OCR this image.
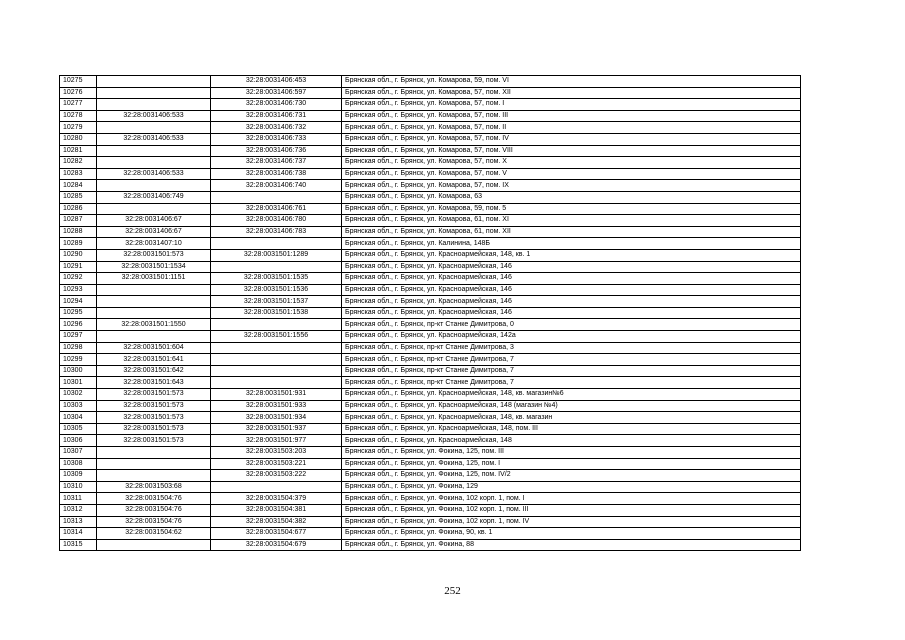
10275		32:28:0031406:453	Брянская обл., г. Брянск, ул. Комарова, 59, пом. VI
10276		32:28:0031406:597	Брянская обл., г. Брянск, ул. Комарова, 57, пом. XII
10277		32:28:0031406:730	Брянская обл., г. Брянск, ул. Комарова, 57, пом. I
10278	32:28:0031406:533	32:28:0031406:731	Брянская обл., г. Брянск, ул. Комарова, 57, пом. III
10279		32:28:0031406:732	Брянская обл., г. Брянск, ул. Комарова, 57, пом. II
10280	32:28:0031406:533	32:28:0031406:733	Брянская обл., г. Брянск, ул. Комарова, 57, пом. IV
10281		32:28:0031406:736	Брянская обл., г. Брянск, ул. Комарова, 57, пом. VIII
10282		32:28:0031406:737	Брянская обл., г. Брянск, ул. Комарова, 57, пом. X
10283	32:28:0031406:533	32:28:0031406:738	Брянская обл., г. Брянск, ул. Комарова, 57, пом. V
10284		32:28:0031406:740	Брянская обл., г. Брянск, ул. Комарова, 57, пом. IX
10285	32:28:0031406:749		Брянская обл., г. Брянск, ул. Комарова, 63
10286		32:28:0031406:761	Брянская обл., г. Брянск, ул. Комарова, 59, пом. 5
10287	32:28:0031406:67	32:28:0031406:780	Брянская обл., г. Брянск, ул. Комарова, 61, пом. XI
10288	32:28:0031406:67	32:28:0031406:783	Брянская обл., г. Брянск, ул. Комарова, 61, пом. XII
10289	32:28:0031407:10		Брянская обл., г. Брянск, ул. Калинина, 148Б
10290	32:28:0031501:573	32:28:0031501:1289	Брянская обл., г. Брянск, ул. Красноармейская, 148, кв. 1
10291	32:28:0031501:1534		Брянская обл., г. Брянск, ул. Красноармейская, 146
10292	32:28:0031501:1151	32:28:0031501:1535	Брянская обл., г. Брянск, ул. Красноармейская, 146
10293		32:28:0031501:1536	Брянская обл., г. Брянск, ул. Красноармейская, 146
10294		32:28:0031501:1537	Брянская обл., г. Брянск, ул. Красноармейская, 146
10295		32:28:0031501:1538	Брянская обл., г. Брянск, ул. Красноармейская, 146
10296	32:28:0031501:1550		Брянская обл., г. Брянск, пр-кт Станке Димитрова, 0
10297		32:28:0031501:1556	Брянская обл., г. Брянск, ул. Красноармейская, 142а
10298	32:28:0031501:604		Брянская обл., г. Брянск, пр-кт Станке Димитрова, 3
10299	32:28:0031501:641		Брянская обл., г. Брянск, пр-кт Станке Димитрова, 7
10300	32:28:0031501:642		Брянская обл., г. Брянск, пр-кт Станке Димитрова, 7
10301	32:28:0031501:643		Брянская обл., г. Брянск, пр-кт Станке Димитрова, 7
10302	32:28:0031501:573	32:28:0031501:931	Брянская обл., г. Брянск, ул. Красноармейская, 148, кв. магазин№6
10303	32:28:0031501:573	32:28:0031501:933	Брянская обл., г. Брянск, ул. Красноармейская, 148 (магазин №4)
10304	32:28:0031501:573	32:28:0031501:934	Брянская обл., г. Брянск, ул. Красноармейская, 148, кв. магазин
10305	32:28:0031501:573	32:28:0031501:937	Брянская обл., г. Брянск, ул. Красноармейская, 148, пом. III
10306	32:28:0031501:573	32:28:0031501:977	Брянская обл., г. Брянск, ул. Красноармейская, 148
10307		32:28:0031503:203	Брянская обл., г. Брянск, ул. Фокина, 125, пом. III
10308		32:28:0031503:221	Брянская обл., г. Брянск, ул. Фокина, 125, пом. I
10309		32:28:0031503:222	Брянская обл., г. Брянск, ул. Фокина, 125, пом. IV/2
10310	32:28:0031503:68		Брянская обл., г. Брянск, ул. Фокина, 129
10311	32:28:0031504:76	32:28:0031504:379	Брянская обл., г. Брянск, ул. Фокина, 102 корп. 1, пом. I
10312	32:28:0031504:76	32:28:0031504:381	Брянская обл., г. Брянск, ул. Фокина, 102 корп. 1, пом. III
10313	32:28:0031504:76	32:28:0031504:382	Брянская обл., г. Брянск, ул. Фокина, 102 корп. 1, пом. IV
10314	32:28:0031504:62	32:28:0031504:677	Брянская обл., г. Брянск, ул. Фокина, 90, кв. 1
10315		32:28:0031504:679	Брянская обл., г. Брянск, ул. Фокина, 88
252
